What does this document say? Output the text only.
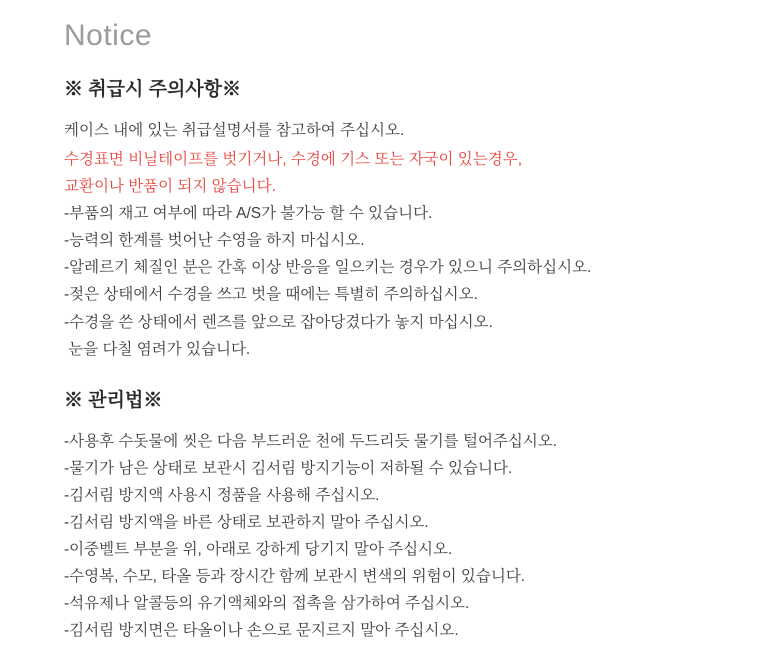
Notice
※ 취급시 주의사항※
케이스 내에 있는 취급설명서를 참고하여 주십시오.
수경표면 비닐테이프를 벗기거나, 수경에 기스 또는 자국이 있는경우,
교환이나 반품이 되지 않습니다.
-부품의 재고 여부에 따라 A/S가 불가능 할 수 있습니다.
-능력의 한계를 벗어난 수영을 하지 마십시오.
-알레르기 체질인 분은 간혹 이상 반응을 일으키는 경우가 있으니 주의하십시오.
-젖은 상태에서 수경을 쓰고 벗을 때에는 특별히 주의하십시오.
-수경을 쓴 상태에서 렌즈를 앞으로 잡아당겼다가 놓지 마십시오.
눈을 다칠 염려가 있습니다.
※ 관리법※
-사용후 수돗물에 씻은 다음 부드러운 천에 두드리듯 물기를 털어주십시오.
-물기가 남은 상태로 보관시 김서림 방지기능이 저하될 수 있습니다.
-김서림 방지액 사용시 정품을 사용해 주십시오.
-김서림 방지액을 바른 상태로 보관하지 말아 주십시오.
-이중벨트 부분을 위, 아래로 강하게 당기지 말아 주십시오.
-수영복, 수모, 타올 등과 장시간 함께 보관시 변색의 위험이 있습니다.
-석유제나 알콜등의 유기액체와의 접촉을 삼가하여 주십시오.
-김서림 방지면은 타올이나 손으로 문지르지 말아 주십시오.
